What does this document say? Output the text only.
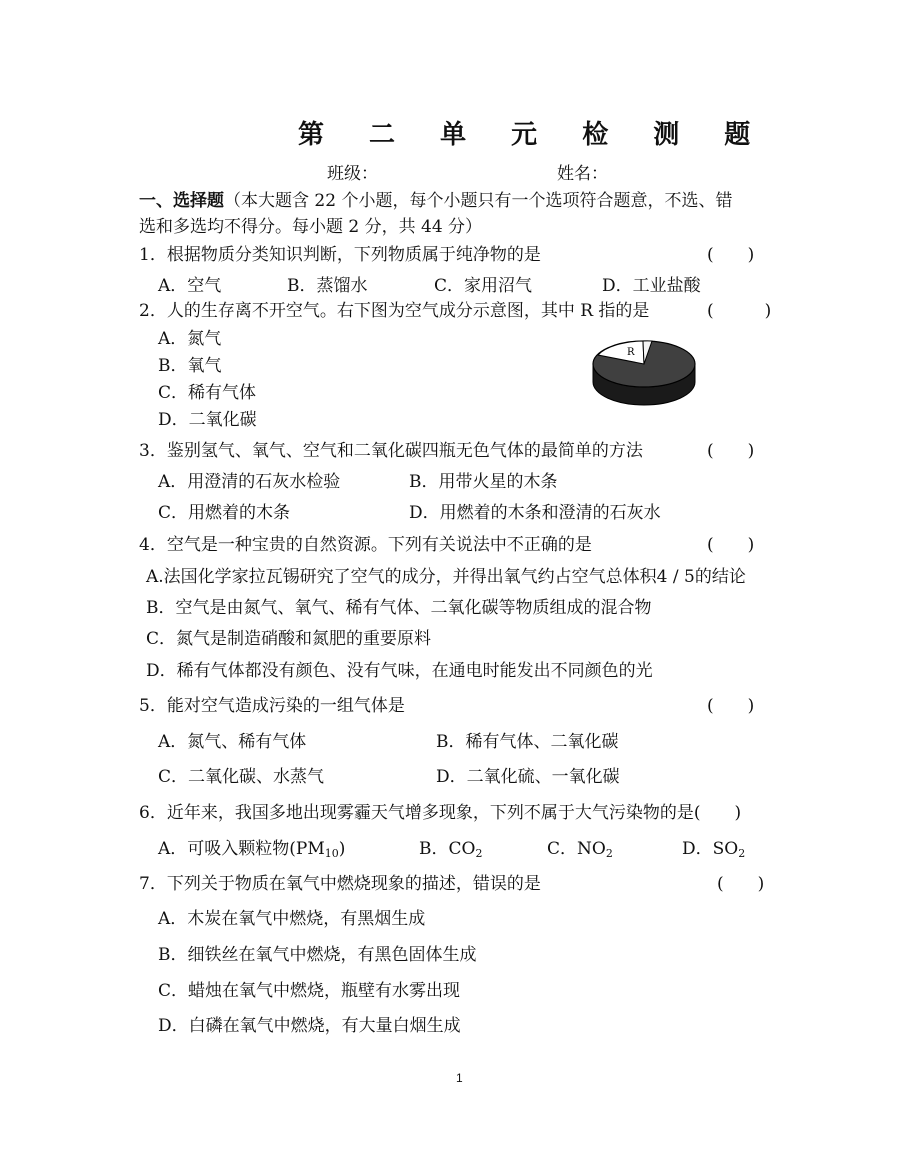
第 二 单 元 检 测 题
班级：	姓名：
一、选择题（本大题含 22 个小题，每个小题只有一个选项符合题意，不选、错
选和多选均不得分。每小题 2 分，共 44 分）
1．根据物质分类知识判断，下列物质属于纯净物的是	(　　)
A．空气	B．蒸馏水	C．家用沼气	D．工业盐酸
2．人的生存离不开空气。右下图为空气成分示意图，其中 R 指的是	(　　　)
A．氮气
B．氧气
C．稀有气体
D．二氧化碳
R
3．鉴别氢气、氧气、空气和二氧化碳四瓶无色气体的最简单的方法	(　　)
A．用澄清的石灰水检验	B．用带火星的木条
C．用燃着的木条	D．用燃着的木条和澄清的石灰水
4．空气是一种宝贵的自然资源。下列有关说法中不正确的是	(　　)
A.法国化学家拉瓦锡研究了空气的成分，并得出氧气约占空气总体积4 / 5的结论
B．空气是由氮气、氧气、稀有气体、二氧化碳等物质组成的混合物
C．氮气是制造硝酸和氮肥的重要原料
D．稀有气体都没有颜色、没有气味，在通电时能发出不同颜色的光
5．能对空气造成污染的一组气体是	(　　)
A．氮气、稀有气体	B．稀有气体、二氧化碳
C．二氧化碳、水蒸气	D．二氧化硫、一氧化碳
6．近年来，我国多地出现雾霾天气增多现象，下列不属于大气污染物的是(　　)
A．可吸入颗粒物$(PM_{10})$	B．$CO_2$	C．$NO_2$	D．$SO_2$
7．下列关于物质在氧气中燃烧现象的描述，错误的是	(　　)
A．木炭在氧气中燃烧，有黑烟生成
B．细铁丝在氧气中燃烧，有黑色固体生成
C．蜡烛在氧气中燃烧，瓶壁有水雾出现
D．白磷在氧气中燃烧，有大量白烟生成
1
